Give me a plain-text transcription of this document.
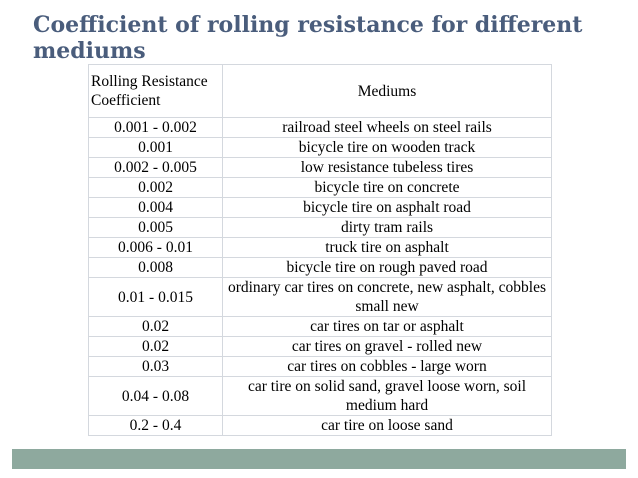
Coefficient of rolling resistance for different mediums
Rolling Resistance Coefficient	Mediums
0.001 - 0.002	railroad steel wheels on steel rails
0.001	bicycle tire on wooden track
0.002 - 0.005	low resistance tubeless tires
0.002	bicycle tire on concrete
0.004	bicycle tire on asphalt road
0.005	dirty tram rails
0.006 - 0.01	truck tire on asphalt
0.008	bicycle tire on rough paved road
0.01 - 0.015	ordinary car tires on concrete, new asphalt, cobbles small new
0.02	car tires on tar or asphalt
0.02	car tires on gravel - rolled new
0.03	car tires on cobbles - large worn
0.04 - 0.08	car tire on solid sand, gravel loose worn, soil medium hard
0.2 - 0.4	car tire on loose sand
